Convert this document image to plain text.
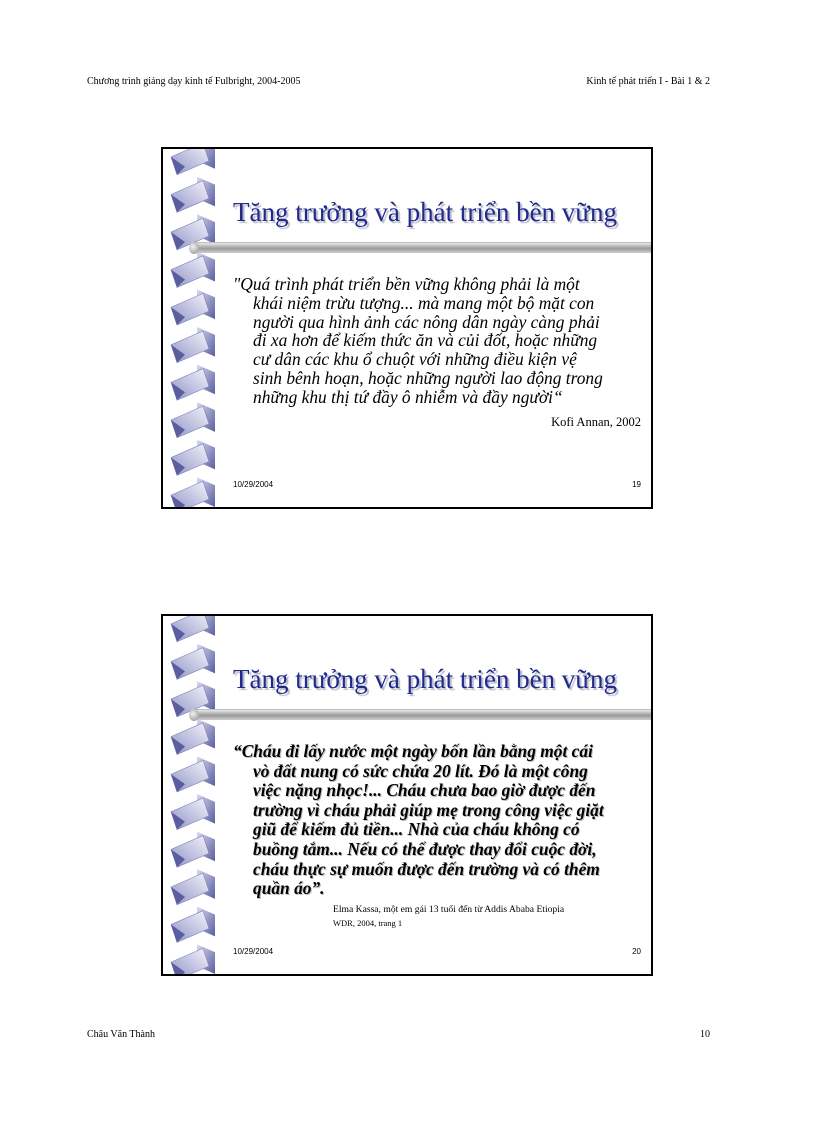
Chương trình giảng dạy kinh tế Fulbright, 2004-2005	Kinh tế phát triển I - Bài 1 & 2
Tăng trưởng và phát triển bền vững
"Quá trình phát triển bền vững không phải là một
khái niệm trừu tượng... mà mang một bộ mặt con
người qua hình ảnh các nông dân ngày càng phải
đi xa hơn để kiếm thức ăn và củi đốt, hoặc những
cư dân các khu ổ chuột với những điều kiện vệ
sinh bênh hoạn, hoặc những người lao động trong
những khu thị tứ đầy ô nhiễm và đầy người“
Kofi Annan, 2002
10/29/2004	19
Tăng trưởng và phát triển bền vững
“Cháu đi lấy nước một ngày bốn lần bằng một cái
vò đất nung có sức chứa 20 lít. Đó là một công
việc nặng nhọc!... Cháu chưa bao giờ được đến
trường vì cháu phải giúp mẹ trong công việc giặt
giũ để kiếm đủ tiền... Nhà của cháu không có
buồng tắm... Nếu có thể được thay đổi cuộc đời,
cháu thực sự muốn được đến trường và có thêm
quần áo”.
Elma Kassa, một em gái 13 tuổi đến từ Addis Ababa Etiopia
WDR, 2004, trang 1
10/29/2004	20
Châu Văn Thành	10
